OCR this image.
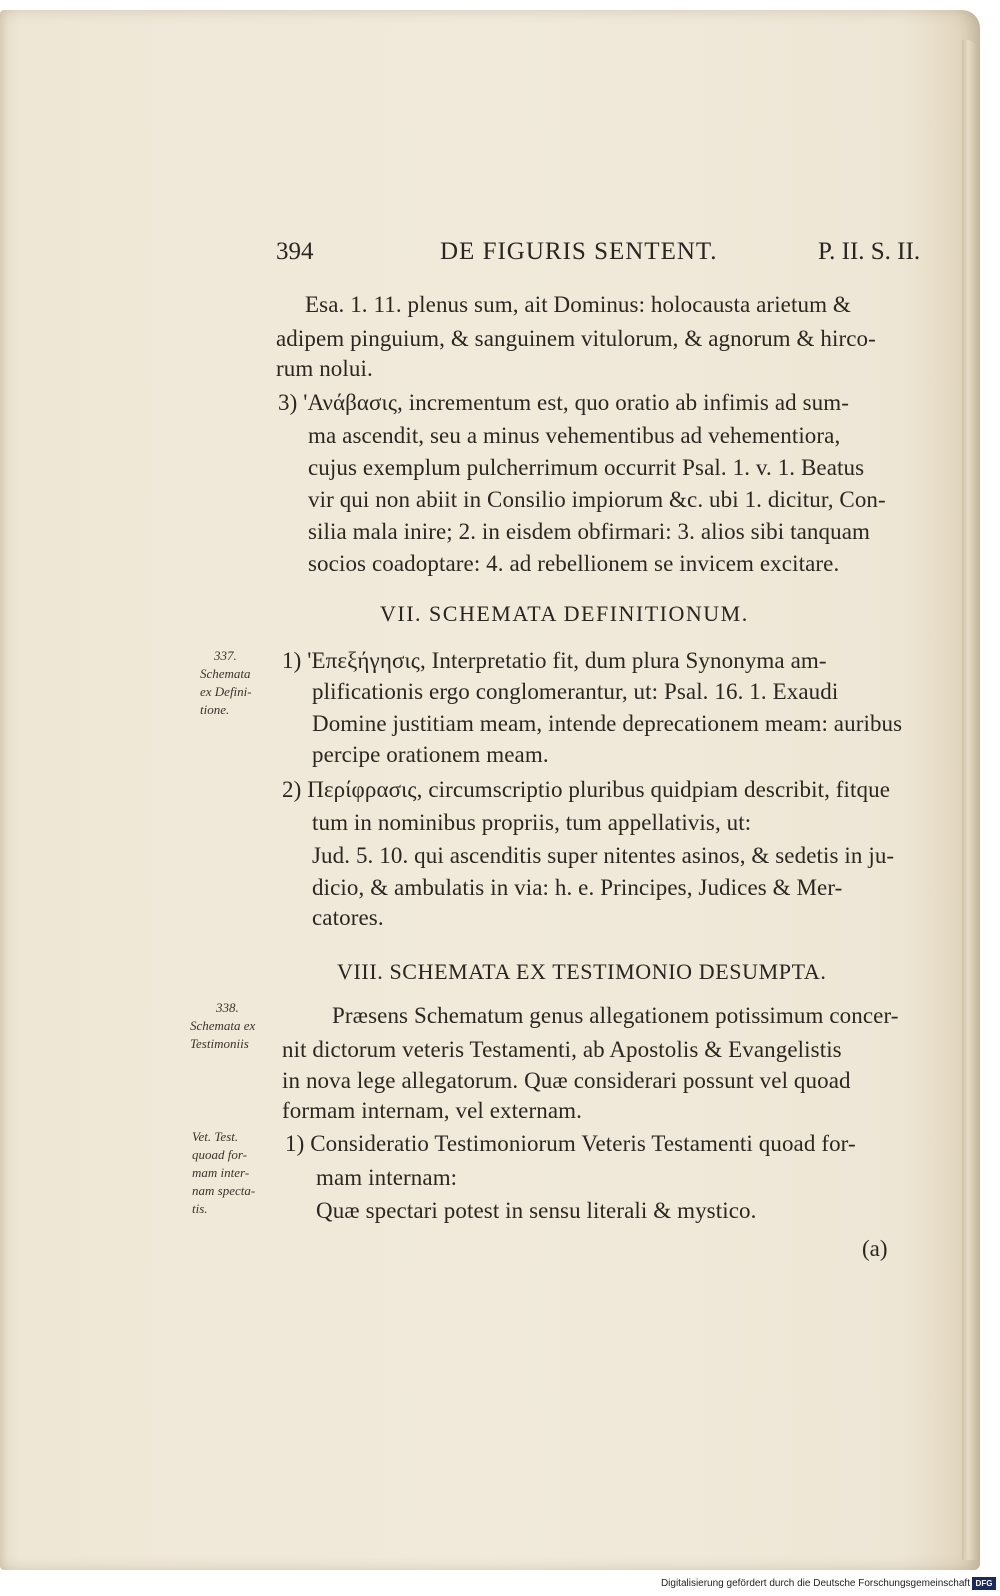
394	DE FIGURIS SENTENT.	P. II. S. II.
Esa. 1. 11. plenus sum, ait Dominus: holocausta arietum &
adipem pinguium, & sanguinem vitulorum, & agnorum & hirco-
rum nolui.
3) 'Ανάβασις, incrementum est, quo oratio ab infimis ad sum-
ma ascendit, seu a minus vehementibus ad vehementiora,
cujus exemplum pulcherrimum occurrit Psal. 1. v. 1. Beatus
vir qui non abiit in Consilio impiorum &c. ubi 1. dicitur, Con-
silia mala inire; 2. in eisdem obfirmari: 3. alios sibi tanquam
socios coadoptare: 4. ad rebellionem se invicem excitare.
VII. SCHEMATA DEFINITIONUM.
337.
Schemata
ex Defini-
tione.
1) 'Επεξήγησις, Interpretatio fit, dum plura Synonyma am-
plificationis ergo conglomerantur, ut: Psal. 16. 1. Exaudi
Domine justitiam meam, intende deprecationem meam: auribus
percipe orationem meam.
2) Περίφρασις, circumscriptio pluribus quidpiam describit, fitque
tum in nominibus propriis, tum appellativis, ut:
Jud. 5. 10. qui ascenditis super nitentes asinos, & sedetis in ju-
dicio, & ambulatis in via: h. e. Principes, Judices & Mer-
catores.
VIII. SCHEMATA EX TESTIMONIO DESUMPTA.
338.
Schemata ex
Testimoniis
Præsens Schematum genus allegationem potissimum concer-
nit dictorum veteris Testamenti, ab Apostolis & Evangelistis
in nova lege allegatorum. Quæ considerari possunt vel quoad
formam internam, vel externam.
Vet. Test.
quoad for-
mam inter-
nam specta-
tis.
1) Consideratio Testimoniorum Veteris Testamenti quoad for-
mam internam:
Quæ spectari potest in sensu literali & mystico.
(a)
Digitalisierung gefördert durch die Deutsche Forschungsgemeinschaft DFG
